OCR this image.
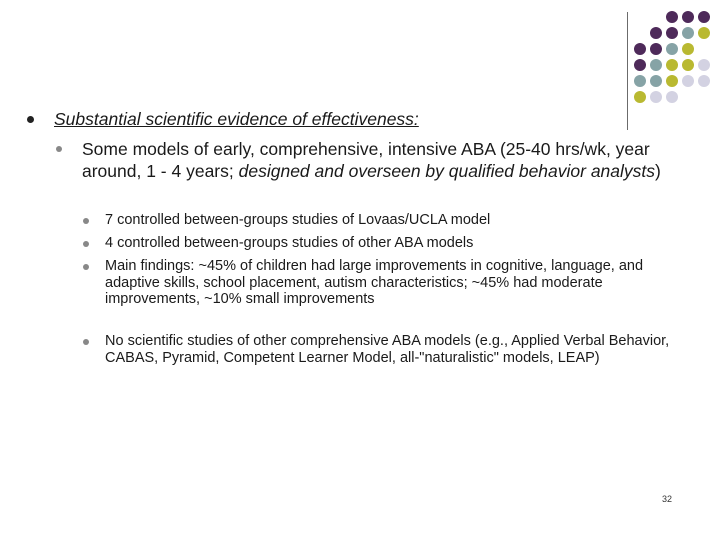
Substantial scientific evidence of effectiveness:
Some models of early, comprehensive, intensive ABA (25-40 hrs/wk, year around, 1 - 4 years; designed and overseen by qualified behavior analysts)
7 controlled between-groups studies of Lovaas/UCLA model
4 controlled between-groups studies of other ABA models
Main findings: ~45% of children had large improvements in cognitive, language, and adaptive skills, school placement, autism characteristics; ~45% had moderate improvements, ~10% small improvements
No scientific studies of other comprehensive ABA models (e.g., Applied Verbal Behavior, CABAS, Pyramid, Competent Learner Model, all-"naturalistic" models, LEAP)
32
